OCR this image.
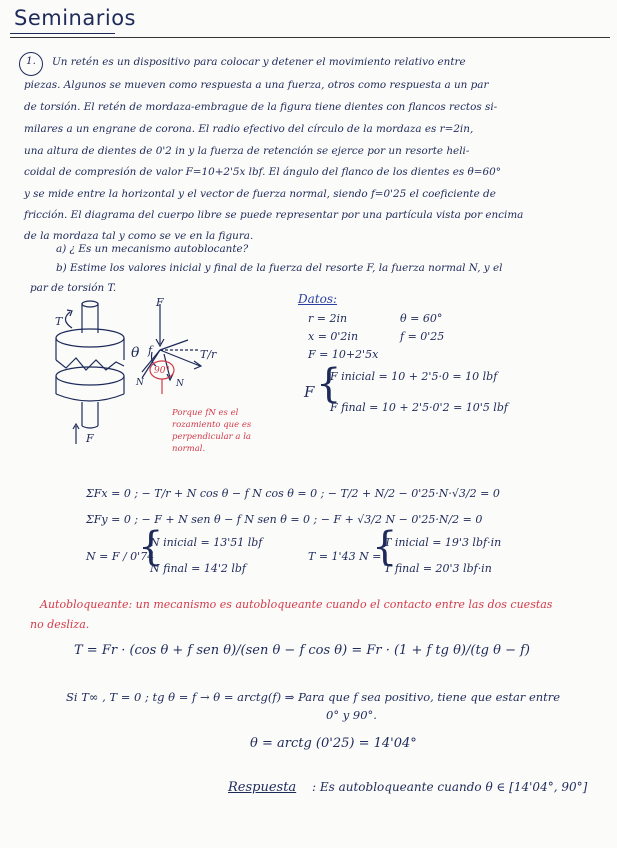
Seminarios
1. Un retén es un dispositivo para colocar y detener el movimiento relativo entre
piezas. Algunos se mueven como respuesta a una fuerza, otros como respuesta a un par
de torsión. El retén de mordaza-embrague de la figura tiene dientes con flancos rectos si-
milares a un engrane de corona. El radio efectivo del círculo de la mordaza es r=2in,
una altura de dientes de 0'2 in y la fuerza de retención se ejerce por un resorte heli-
coidal de compresión de valor F=10+2'5x lbf. El ángulo del flanco de los dientes es θ=60°
y se mide entre la horizontal y el vector de fuerza normal, siendo f=0'25 el coeficiente de
fricción. El diagrama del cuerpo libre se puede representar por una partícula vista por encima
de la mordaza tal y como se ve en la figura.
a) ¿ Es un mecanismo autoblocante?
b) Estime los valores inicial y final de la fuerza del resorte F, la fuerza normal N, y el
par de torsión T.
T
F
F
θ f
N	N
90°
T/r
Porque fN es el
rozamiento que es
perpendicular a la
normal.
Datos:
r = 2in	θ = 60°
x = 0'2in	f = 0'25
F = 10+2'5x
F {
F inicial = 10 + 2'5·0 = 10 lbf
F final = 10 + 2'5·0'2 = 10'5 lbf
ΣFx = 0 ; − T/r + N cos θ − f N cos θ = 0 ; − T/2 + N/2 − 0'25·N·√3/2 = 0
ΣFy = 0 ; − F + N sen θ − f N sen θ = 0 ; − F + √3/2 N − 0'25·N/2 = 0
N = F / 0'74
{
N inicial = 13'51 lbf
N final = 14'2 lbf
T = 1'43 N =
{
T inicial = 19'3 lbf·in
T final = 20'3 lbf·in
Autobloqueante: un mecanismo es autobloqueante cuando el contacto entre las dos cuestas
no desliza.
T = Fr · (cos θ + f sen θ)/(sen θ − f cos θ) = Fr · (1 + f tg θ)/(tg θ − f)
Si T∞ , T = 0 ; tg θ = f → θ = arctg(f) ⇒ Para que f sea positivo, tiene que estar entre
0° y 90°.
θ = arctg (0'25) = 14'04°
Respuesta : Es autobloqueante cuando θ ∈ [14'04°, 90°]
